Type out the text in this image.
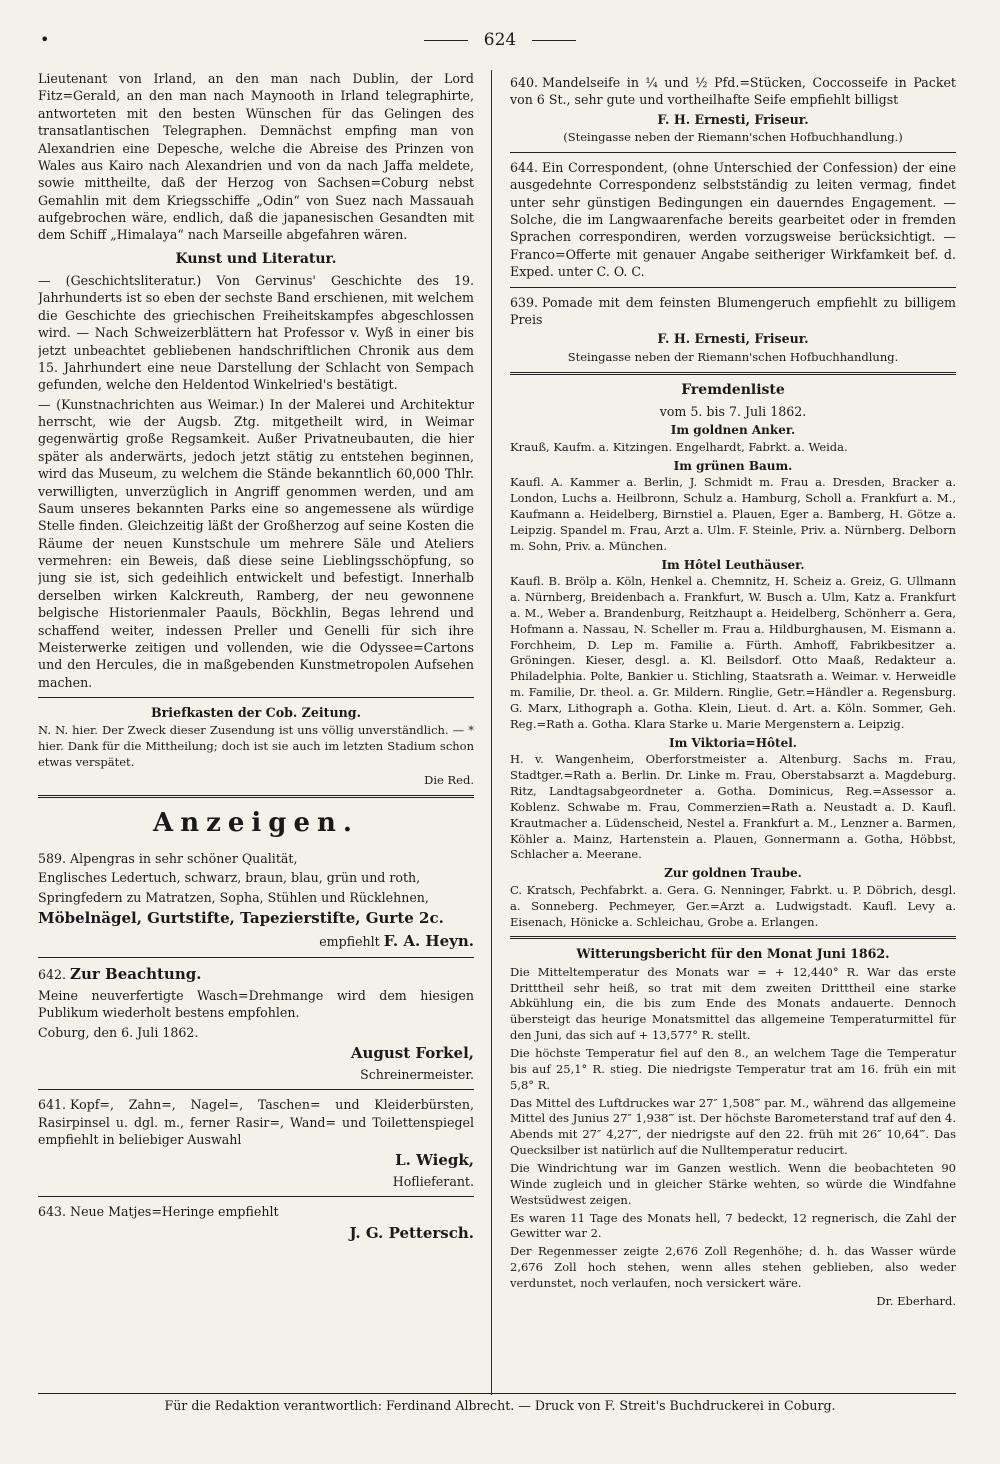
•	624

Lieutenant von Irland, an den man nach Dublin, der Lord Fitz=Gerald, an den man nach Maynooth in Irland telegraphirte, antworteten mit den besten Wünschen für das Gelingen des transatlantischen Telegraphen. Demnächst empfing man von Alexandrien eine Depesche, welche die Abreise des Prinzen von Wales aus Kairo nach Alexandrien und von da nach Jaffa meldete, sowie mittheilte, daß der Herzog von Sachsen=Coburg nebst Gemahlin mit dem Kriegsschiffe „Odin“ von Suez nach Massauah aufgebrochen wäre, endlich, daß die japanesischen Gesandten mit dem Schiff „Himalaya“ nach Marseille abgefahren wären.

Kunst und Literatur.

— (Geschichtsliteratur.) Von Gervinus' Geschichte des 19. Jahrhunderts ist so eben der sechste Band erschienen, mit welchem die Geschichte des griechischen Freiheitskampfes abgeschlossen wird. — Nach Schweizerblättern hat Professor v. Wyß in einer bis jetzt unbeachtet gebliebenen handschriftlichen Chronik aus dem 15. Jahrhundert eine neue Darstellung der Schlacht von Sempach gefunden, welche den Heldentod Winkelried's bestätigt.

— (Kunstnachrichten aus Weimar.) In der Malerei und Architektur herrscht, wie der Augsb. Ztg. mitgetheilt wird, in Weimar gegenwärtig große Regsamkeit. Außer Privatneubauten, die hier später als anderwärts, jedoch jetzt stätig zu entstehen beginnen, wird das Museum, zu welchem die Stände bekanntlich 60,000 Thlr. verwilligten, unverzüglich in Angriff genommen werden, und am Saum unseres bekannten Parks eine so angemessene als würdige Stelle finden. Gleichzeitig läßt der Großherzog auf seine Kosten die Räume der neuen Kunstschule um mehrere Säle und Ateliers vermehren: ein Beweis, daß diese seine Lieblingsschöpfung, so jung sie ist, sich gedeihlich entwickelt und befestigt. Innerhalb derselben wirken Kalckreuth, Ramberg, der neu gewonnene belgische Historienmaler Paauls, Böckhlin, Begas lehrend und schaffend weiter, indessen Preller und Genelli für sich ihre Meisterwerke zeitigen und vollenden, wie die Odyssee=Cartons und den Hercules, die in maßgebenden Kunstmetropolen Aufsehen machen.

Briefkasten der Cob. Zeitung.

N. N. hier. Der Zweck dieser Zusendung ist uns völlig unverständlich. — * hier. Dank für die Mittheilung; doch ist sie auch im letzten Stadium schon etwas verspätet.

Die Red.

Anzeigen.

589. Alpengras in sehr schöner Qualität,

Englisches Ledertuch, schwarz, braun, blau, grün und roth,

Springfedern zu Matratzen, Sopha, Stühlen und Rücklehnen,

Möbelnägel, Gurtstifte, Tapezierstifte, Gurte 2c.

empfiehlt F. A. Heyn.

642. Zur Beachtung.

Meine neuverfertigte Wasch=Drehmange wird dem hiesigen Publikum wiederholt bestens empfohlen.

Coburg, den 6. Juli 1862.

August Forkel,

Schreinermeister.

641. Kopf=, Zahn=, Nagel=, Taschen= und Kleiderbürsten, Rasirpinsel u. dgl. m., ferner Rasir=, Wand= und Toilettenspiegel empfiehlt in beliebiger Auswahl

L. Wiegk,

Hoflieferant.

643. Neue Matjes=Heringe empfiehlt

J. G. Pettersch.

640. Mandelseife in ¼ und ½ Pfd.=Stücken, Coccosseife in Packet von 6 St., sehr gute und vortheilhafte Seife empfiehlt billigst

F. H. Ernesti, Friseur.

(Steingasse neben der Riemann'schen Hofbuchhandlung.)

644. Ein Correspondent, (ohne Unterschied der Confession) der eine ausgedehnte Correspondenz selbstständig zu leiten vermag, findet unter sehr günstigen Bedingungen ein dauerndes Engagement. — Solche, die im Langwaarenfache bereits gearbeitet oder in fremden Sprachen correspondiren, werden vorzugsweise berücksichtigt. — Franco=Offerte mit genauer Angabe seitheriger Wirkfamkeit bef. d. Exped. unter C. O. C.

639. Pomade mit dem feinsten Blumengeruch empfiehlt zu billigem Preis

F. H. Ernesti, Friseur.

Steingasse neben der Riemann'schen Hofbuchhandlung.

Fremdenliste

vom 5. bis 7. Juli 1862.

Im goldnen Anker.

Krauß, Kaufm. a. Kitzingen. Engelhardt, Fabrkt. a. Weida.

Im grünen Baum.

Kaufl. A. Kammer a. Berlin, J. Schmidt m. Frau a. Dresden, Bracker a. London, Luchs a. Heilbronn, Schulz a. Hamburg, Scholl a. Frankfurt a. M., Kaufmann a. Heidelberg, Birnstiel a. Plauen, Eger a. Bamberg, H. Götze a. Leipzig. Spandel m. Frau, Arzt a. Ulm. F. Steinle, Priv. a. Nürnberg. Delborn m. Sohn, Priv. a. München.

Im Hôtel Leuthäuser.

Kaufl. B. Brölp a. Köln, Henkel a. Chemnitz, H. Scheiz a. Greiz, G. Ullmann a. Nürnberg, Breidenbach a. Frankfurt, W. Busch a. Ulm, Katz a. Frankfurt a. M., Weber a. Brandenburg, Reitzhaupt a. Heidelberg, Schönherr a. Gera, Hofmann a. Nassau, N. Scheller m. Frau a. Hildburghausen, M. Eismann a. Forchheim, D. Lep m. Familie a. Fürth. Amhoff, Fabrikbesitzer a. Gröningen. Kieser, desgl. a. Kl. Beilsdorf. Otto Maaß, Redakteur a. Philadelphia. Polte, Bankier u. Stichling, Staatsrath a. Weimar. v. Herweidle m. Familie, Dr. theol. a. Gr. Mildern. Ringlie, Getr.=Händler a. Regensburg. G. Marx, Lithograph a. Gotha. Klein, Lieut. d. Art. a. Köln. Sommer, Geh. Reg.=Rath a. Gotha. Klara Starke u. Marie Mergenstern a. Leipzig.

Im Viktoria=Hôtel.

H. v. Wangenheim, Oberforstmeister a. Altenburg. Sachs m. Frau, Stadtger.=Rath a. Berlin. Dr. Linke m. Frau, Oberstabsarzt a. Magdeburg. Ritz, Landtagsabgeordneter a. Gotha. Dominicus, Reg.=Assessor a. Koblenz. Schwabe m. Frau, Commerzien=Rath a. Neustadt a. D. Kaufl. Krautmacher a. Lüdenscheid, Nestel a. Frankfurt a. M., Lenzner a. Barmen, Köhler a. Mainz, Hartenstein a. Plauen, Gonnermann a. Gotha, Höbbst, Schlacher a. Meerane.

Zur goldnen Traube.

C. Kratsch, Pechfabrkt. a. Gera. G. Nenninger, Fabrkt. u. P. Döbrich, desgl. a. Sonneberg. Pechmeyer, Ger.=Arzt a. Ludwigstadt. Kaufl. Levy a. Eisenach, Hönicke a. Schleichau, Grobe a. Erlangen.

Witterungsbericht für den Monat Juni 1862.

Die Mitteltemperatur des Monats war = + 12,440° R. War das erste Dritttheil sehr heiß, so trat mit dem zweiten Dritttheil eine starke Abkühlung ein, die bis zum Ende des Monats andauerte. Dennoch übersteigt das heurige Monatsmittel das allgemeine Temperaturmittel für den Juni, das sich auf + 13,577° R. stellt.

Die höchste Temperatur fiel auf den 8., an welchem Tage die Temperatur bis auf 25,1° R. stieg. Die niedrigste Temperatur trat am 16. früh ein mit 5,8° R.

Das Mittel des Luftdruckes war 27″ 1,508‴ par. M., während das allgemeine Mittel des Junius 27″ 1,938‴ ist. Der höchste Barometerstand traf auf den 4. Abends mit 27″ 4,27‴, der niedrigste auf den 22. früh mit 26″ 10,64‴. Das Quecksilber ist natürlich auf die Nulltemperatur reducirt.

Die Windrichtung war im Ganzen westlich. Wenn die beobachteten 90 Winde zugleich und in gleicher Stärke wehten, so würde die Windfahne Westsüdwest zeigen.

Es waren 11 Tage des Monats hell, 7 bedeckt, 12 regnerisch, die Zahl der Gewitter war 2.

Der Regenmesser zeigte 2,676 Zoll Regenhöhe; d. h. das Wasser würde 2,676 Zoll hoch stehen, wenn alles stehen geblieben, also weder verdunstet, noch verlaufen, noch versickert wäre.

Dr. Eberhard.

Für die Redaktion verantwortlich: Ferdinand Albrecht. — Druck von F. Streit's Buchdruckerei in Coburg.
